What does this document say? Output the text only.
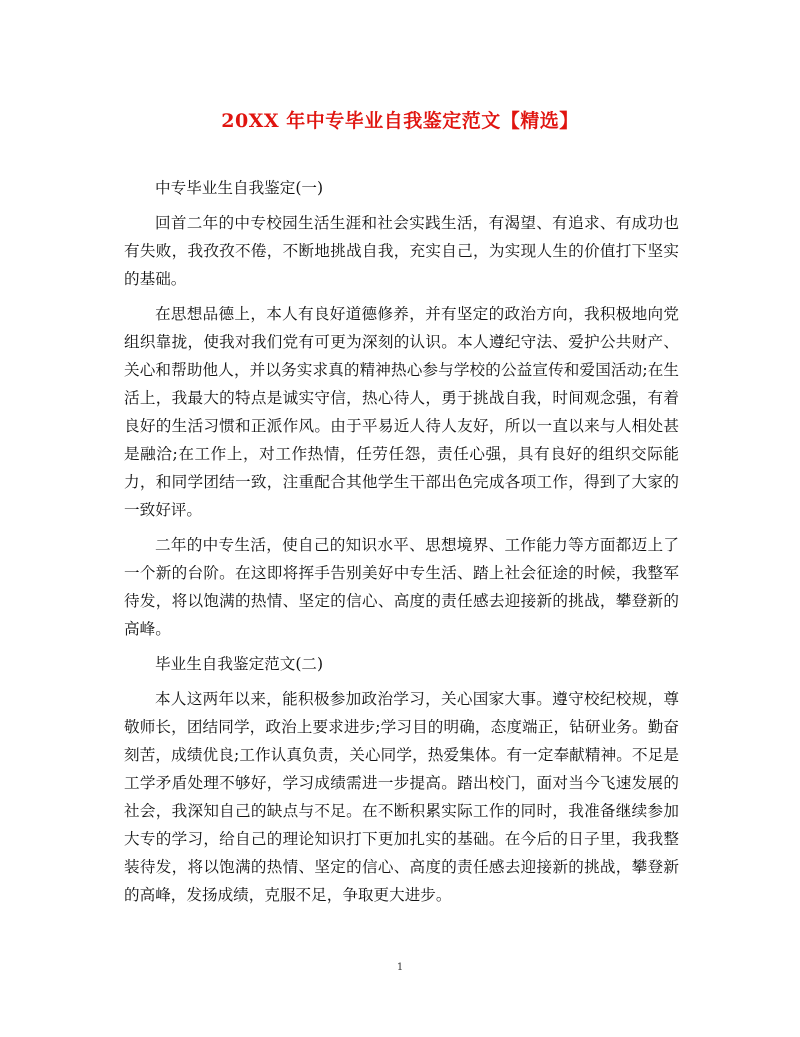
20XX 年中专毕业自我鉴定范文【精选】

中专毕业生自我鉴定(一)

回首二年的中专校园生活生涯和社会实践生活，有渴望、有追求、有成功也有失败，我孜孜不倦，不断地挑战自我，充实自己，为实现人生的价值打下坚实的基础。

在思想品德上，本人有良好道德修养，并有坚定的政治方向，我积极地向党组织靠拢，使我对我们党有可更为深刻的认识。本人遵纪守法、爱护公共财产、关心和帮助他人，并以务实求真的精神热心参与学校的公益宣传和爱国活动;在生活上，我最大的特点是诚实守信，热心待人，勇于挑战自我，时间观念强，有着良好的生活习惯和正派作风。由于平易近人待人友好，所以一直以来与人相处甚是融洽;在工作上，对工作热情，任劳任怨，责任心强，具有良好的组织交际能力，和同学团结一致，注重配合其他学生干部出色完成各项工作，得到了大家的一致好评。

二年的中专生活，使自己的知识水平、思想境界、工作能力等方面都迈上了一个新的台阶。在这即将挥手告别美好中专生活、踏上社会征途的时候，我整军待发，将以饱满的热情、坚定的信心、高度的责任感去迎接新的挑战，攀登新的高峰。

毕业生自我鉴定范文(二)

本人这两年以来，能积极参加政治学习，关心国家大事。遵守校纪校规，尊敬师长，团结同学，政治上要求进步;学习目的明确，态度端正，钻研业务。勤奋刻苦，成绩优良;工作认真负责，关心同学，热爱集体。有一定奉献精神。不足是工学矛盾处理不够好，学习成绩需进一步提高。踏出校门，面对当今飞速发展的社会，我深知自己的缺点与不足。在不断积累实际工作的同时，我准备继续参加大专的学习，给自己的理论知识打下更加扎实的基础。在今后的日子里，我我整装待发，将以饱满的热情、坚定的信心、高度的责任感去迎接新的挑战，攀登新的高峰，发扬成绩，克服不足，争取更大进步。

1
